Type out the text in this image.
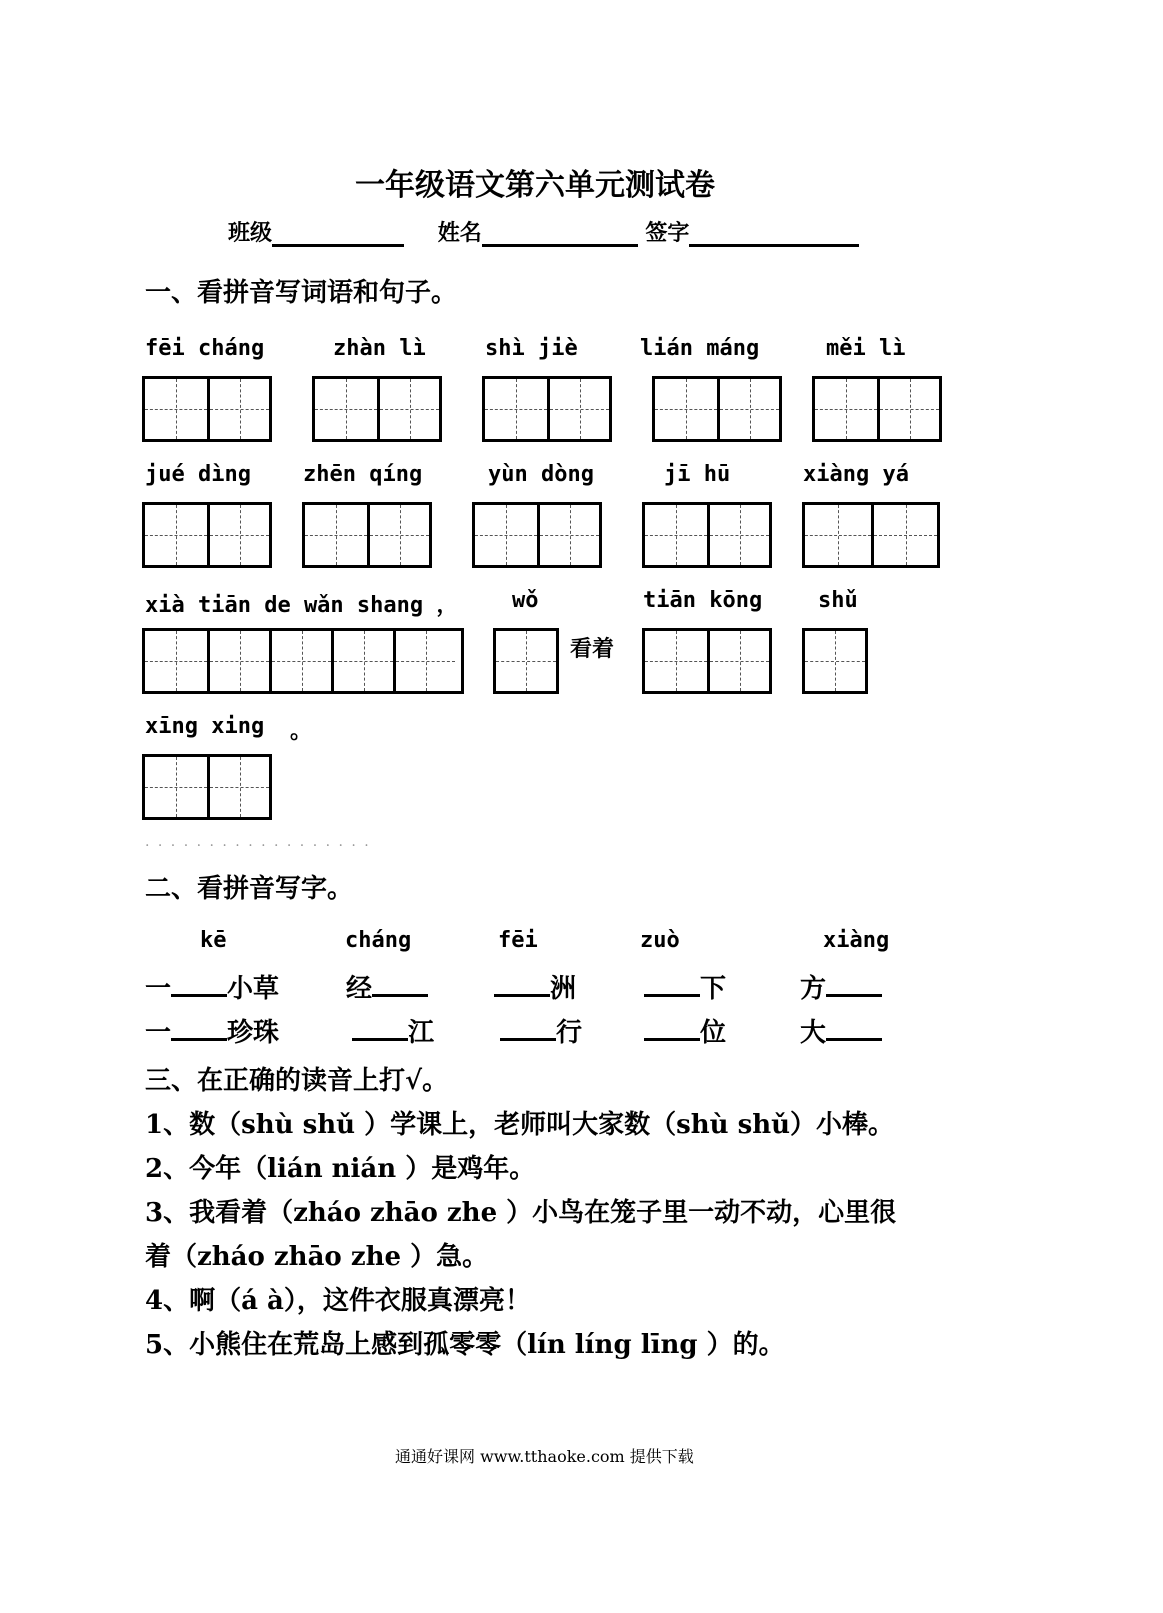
一年级语文第六单元测试卷
班级	姓名	签字
一、看拼音写词语和句子。
fēi cháng	zhàn lì	shì jiè	lián máng	měi lì
jué dìng zhēn qíng	yùn dòng	jī hū	xiàng yá
xià tiān de wǎn shang ， wǒ	tiān kōng	shǔ
看着
xīng xing 。
. . . . . . . . . . . . . . . . . .
二、看拼音写字。
kē	cháng	fēi	zuò	xiàng
一 小草	经	洲	下	方
一 珍珠	江	行	位	大
三、在正确的读音上打√。
1、数（shù shǔ ）学课上，老师叫大家数（shù shǔ）小棒。
2、今年（lián nián ）是鸡年。
3、我看着（zháo zhāo zhe ）小鸟在笼子里一动不动，心里很
着（zháo zhāo zhe ）急。
4、啊（á à），这件衣服真漂亮！
5、小熊住在荒岛上感到孤零零（lín líng līng ）的。
通通好课网 www.tthaoke.com 提供下载
